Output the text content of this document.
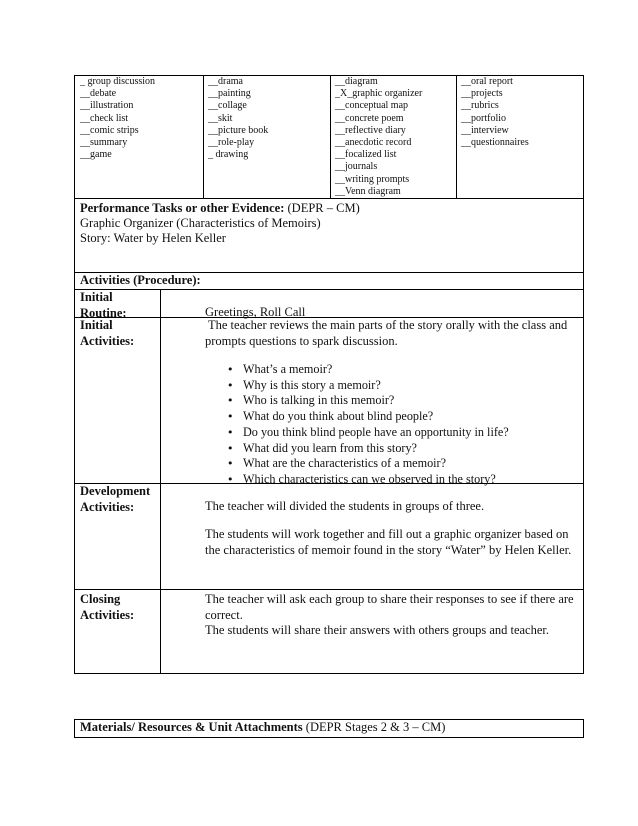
_ group discussion
__debate
__illustration
__check list
__comic strips
__summary
__game
__drama
__painting
__collage
__skit
__picture book
__role-play
_ drawing
__diagram
_X_graphic organizer
__conceptual map
__concrete poem
__reflective diary
__anecdotic record
__focalized list
__journals
__writing prompts
__Venn diagram
__oral report
__projects
__rubrics
__portfolio
__interview
__questionnaires
Performance Tasks or other Evidence: (DEPR – CM)
Graphic Organizer (Characteristics of Memoirs)
Story: Water by Helen Keller
Activities (Procedure):
Initial
Routine:	Greetings, Roll Call
Initial
Activities:
The teacher reviews the main parts of the story orally with the class and
prompts questions to spark discussion.
• What’s a memoir?
• Why is this story a memoir?
• Who is talking in this memoir?
• What do you think about blind people?
• Do you think blind people have an opportunity in life?
• What did you learn from this story?
• What are the characteristics of a memoir?
• Which characteristics can we observed in the story?
Development
Activities:	The teacher will divided the students in groups of three.
The students will work together and fill out a graphic organizer based on
the characteristics of memoir found in the story “Water” by Helen Keller.
Closing
Activities:
The teacher will ask each group to share their responses to see if there are
correct.
The students will share their answers with others groups and teacher.
Materials/ Resources & Unit Attachments (DEPR Stages 2 & 3 – CM)
